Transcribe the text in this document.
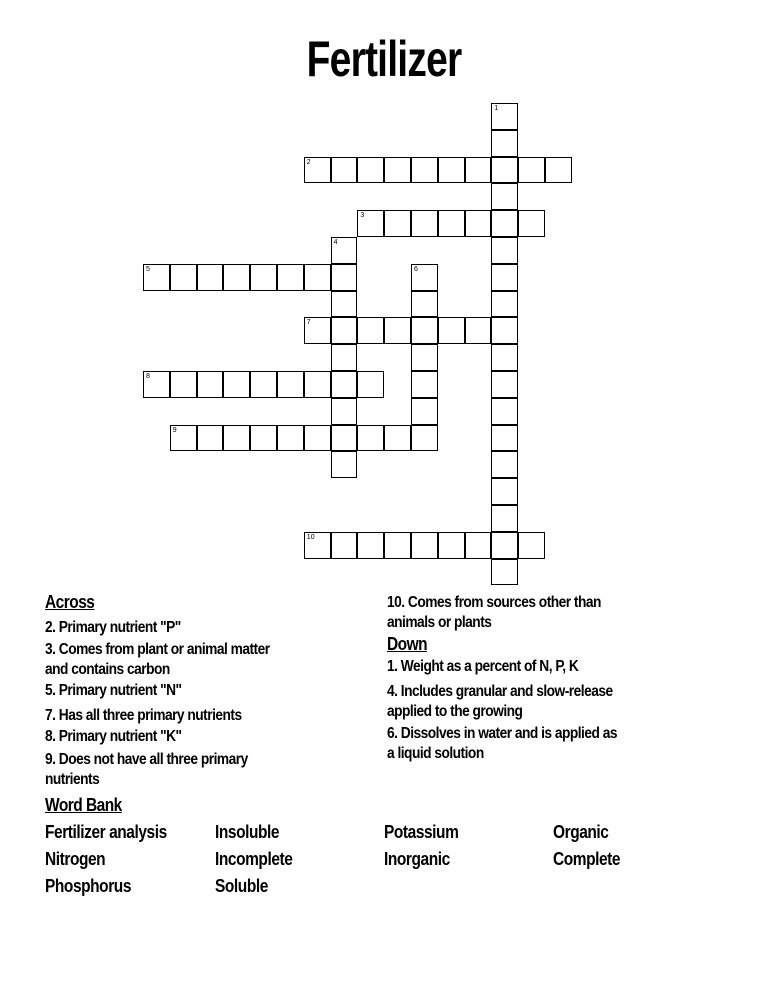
Fertilizer
1
2
3
4
5	6
7
8
9
10
Across
2. Primary nutrient "P"
3. Comes from plant or animal matter
and contains carbon
5. Primary nutrient "N"
7. Has all three primary nutrients
8. Primary nutrient "K"
9. Does not have all three primary
nutrients
10. Comes from sources other than
animals or plants
Down
1. Weight as a percent of N, P, K
4. Includes granular and slow-release
applied to the growing
6. Dissolves in water and is applied as
a liquid solution
Word Bank
Fertilizer analysis
Nitrogen
Phosphorus
Insoluble
Incomplete
Soluble
Potassium
Inorganic
Organic
Complete
